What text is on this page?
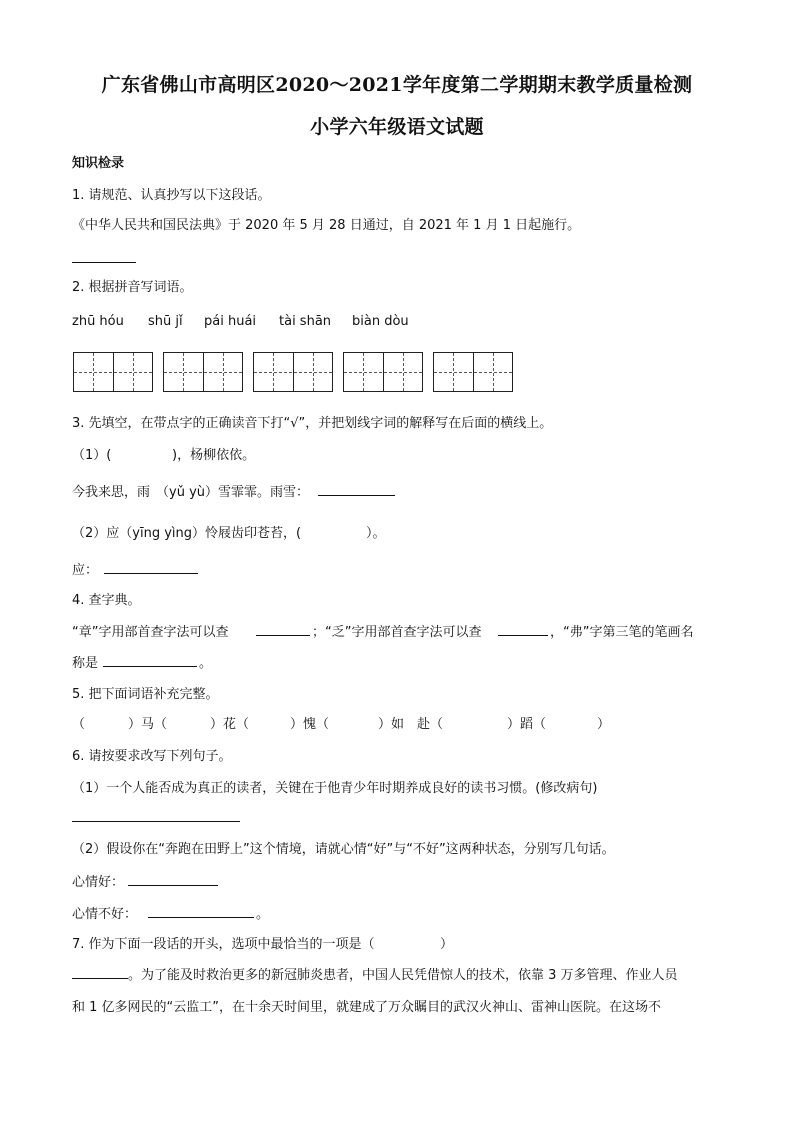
广东省佛山市高明区2020～2021学年度第二学期期末教学质量检测
小学六年级语文试题
知识检录
1. 请规范、认真抄写以下这段话。
《中华人民共和国民法典》于 2020 年 5 月 28 日通过，自 2021 年 1 月 1 日起施行。
2. 根据拼音写词语。
zhū hóu shū jǐ pái huái tài shān biàn dòu
3. 先填空，在带点字的正确读音下打“√”，并把划线字词的解释写在后面的横线上。
（1）(	)，杨柳依依。
今我来思，雨 （yǔ yù） 雪霏霏。雨雪：
（2）应（yīng yìng）怜屐齿印苍苔，(	）。
应：
4. 查字典。
“章”字用部首查字法可以查	；“乏”字用部首查字法可以查	，“弗”字第三笔的笔画名
称是	。
5. 把下面词语补充完整。
（	）马（	）花（	）愧（	）如　赴（	）蹈（	）
6. 请按要求改写下列句子。
（1）一个人能否成为真正的读者，关键在于他青少年时期养成良好的读书习惯。(修改病句)
（2）假设你在“奔跑在田野上”这个情境，请就心情“好”与“不好”这两种状态，分别写几句话。
心情好：
心情不好：	。
7. 作为下面一段话的开头，选项中最恰当的一项是（	）
。为了能及时救治更多的新冠肺炎患者，中国人民凭借惊人的技术，依靠 3 万多管理、作业人员
和 1 亿多网民的“云监工”，在十余天时间里，就建成了万众瞩目的武汉火神山、雷神山医院。在这场不
